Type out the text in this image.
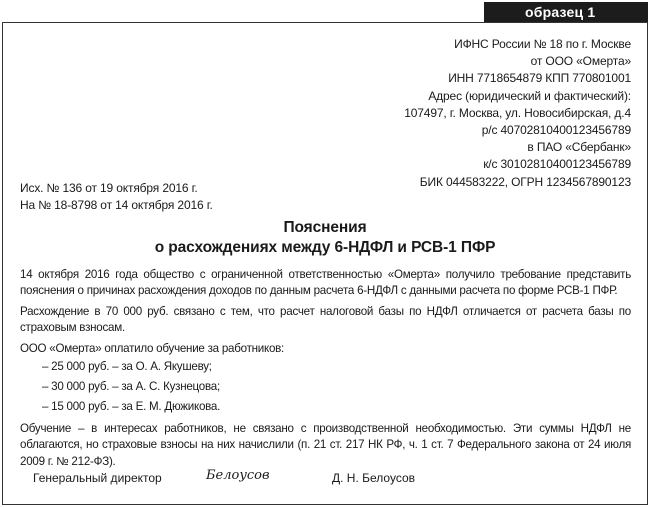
образец 1
ИФНС России № 18 по г. Москве
от ООО «Омерта»
ИНН 7718654879 КПП 770801001
Адрес (юридический и фактический):
107497, г. Москва, ул. Новосибирская, д.4
р/с 40702810400123456789
в ПАО «Сбербанк»
к/с 30102810400123456789
БИК 044583222, ОГРН 1234567890123
Исх. № 136 от 19 октября 2016 г.
На № 18-8798 от 14 октября 2016 г.
Пояснения
о расхождениях между 6-НДФЛ и РСВ-1 ПФР

14 октября 2016 года общество с ограниченной ответственностью «Омерта» получило требование представить пояснения о причинах расхождения доходов по данным расчета 6-НДФЛ с данными расчета по форме РСВ-1 ПФР.

Расхождение в 70 000 руб. связано с тем, что расчет налоговой базы по НДФЛ отличается от расчета базы по страховым взносам.

ООО «Омерта» оплатило обучение за работников:

– 25 000 руб. – за О. А. Якушеву;
– 30 000 руб. – за А. С. Кузнецова;
– 15 000 руб. – за Е. М. Дюжикова.

Обучение – в интересах работников, не связано с производственной необходимостью. Эти суммы НДФЛ не облагаются, но страховые взносы на них начислили (п. 21 ст. 217 НК РФ, ч. 1 ст. 7 Федерального закона от 24 июля 2009 г. № 212-ФЗ).

Генеральный директор	Белоусов	Д. Н. Белоусов
